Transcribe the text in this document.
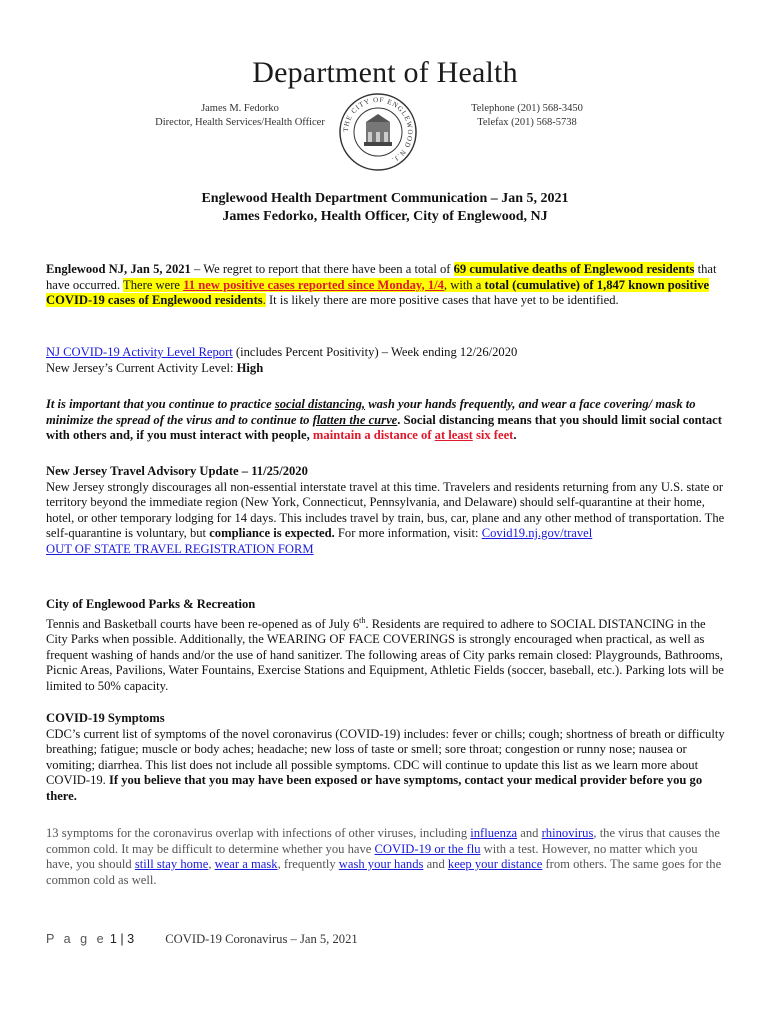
Department of Health
James M. Fedorko
Director, Health Services/Health Officer
THE CITY OF ENGLEWOOD N.J.
Telephone (201) 568-3450
Telefax (201) 568-5738
Englewood Health Department Communication – Jan 5, 2021
James Fedorko, Health Officer, City of Englewood, NJ

Englewood NJ, Jan 5, 2021 – We regret to report that there have been a total of 69 cumulative deaths of Englewood residents that have occurred. There were 11 new positive cases reported since Monday, 1/4, with a total (cumulative) of 1,847 known positive COVID-19 cases of Englewood residents. It is likely there are more positive cases that have yet to be identified.

NJ COVID-19 Activity Level Report (includes Percent Positivity) – Week ending 12/26/2020

New Jersey’s Current Activity Level: High

It is important that you continue to practice social distancing, wash your hands frequently, and wear a face covering/ mask to minimize the spread of the virus and to continue to flatten the curve. Social distancing means that you should limit social contact with others and, if you must interact with people, maintain a distance of at least six feet.

New Jersey Travel Advisory Update – 11/25/2020

New Jersey strongly discourages all non-essential interstate travel at this time. Travelers and residents returning from any U.S. state or territory beyond the immediate region (New York, Connecticut, Pennsylvania, and Delaware) should self-quarantine at their home, hotel, or other temporary lodging for 14 days. This includes travel by train, bus, car, plane and any other method of transportation. The self-quarantine is voluntary, but compliance is expected. For more information, visit: Covid19.nj.gov/travel

OUT OF STATE TRAVEL REGISTRATION FORM

City of Englewood Parks & Recreation

Tennis and Basketball courts have been re-opened as of July 6th. Residents are required to adhere to SOCIAL DISTANCING in the City Parks when possible. Additionally, the WEARING OF FACE COVERINGS is strongly encouraged when practical, as well as frequent washing of hands and/or the use of hand sanitizer. The following areas of City parks remain closed: Playgrounds, Bathrooms, Picnic Areas, Pavilions, Water Fountains, Exercise Stations and Equipment, Athletic Fields (soccer, baseball, etc.). Parking lots will be limited to 50% capacity.

COVID-19 Symptoms

CDC’s current list of symptoms of the novel coronavirus (COVID-19) includes: fever or chills; cough; shortness of breath or difficulty breathing; fatigue; muscle or body aches; headache; new loss of taste or smell; sore throat; congestion or runny nose; nausea or vomiting; diarrhea. This list does not include all possible symptoms. CDC will continue to update this list as we learn more about COVID-19. If you believe that you may have been exposed or have symptoms, contact your medical provider before you go there.

13 symptoms for the coronavirus overlap with infections of other viruses, including influenza and rhinovirus, the virus that causes the common cold. It may be difficult to determine whether you have COVID-19 or the flu with a test. However, no matter which you have, you should still stay home, wear a mask, frequently wash your hands and keep your distance from others. The same goes for the common cold as well.

P a g e 1 | 3 COVID-19 Coronavirus – Jan 5, 2021
